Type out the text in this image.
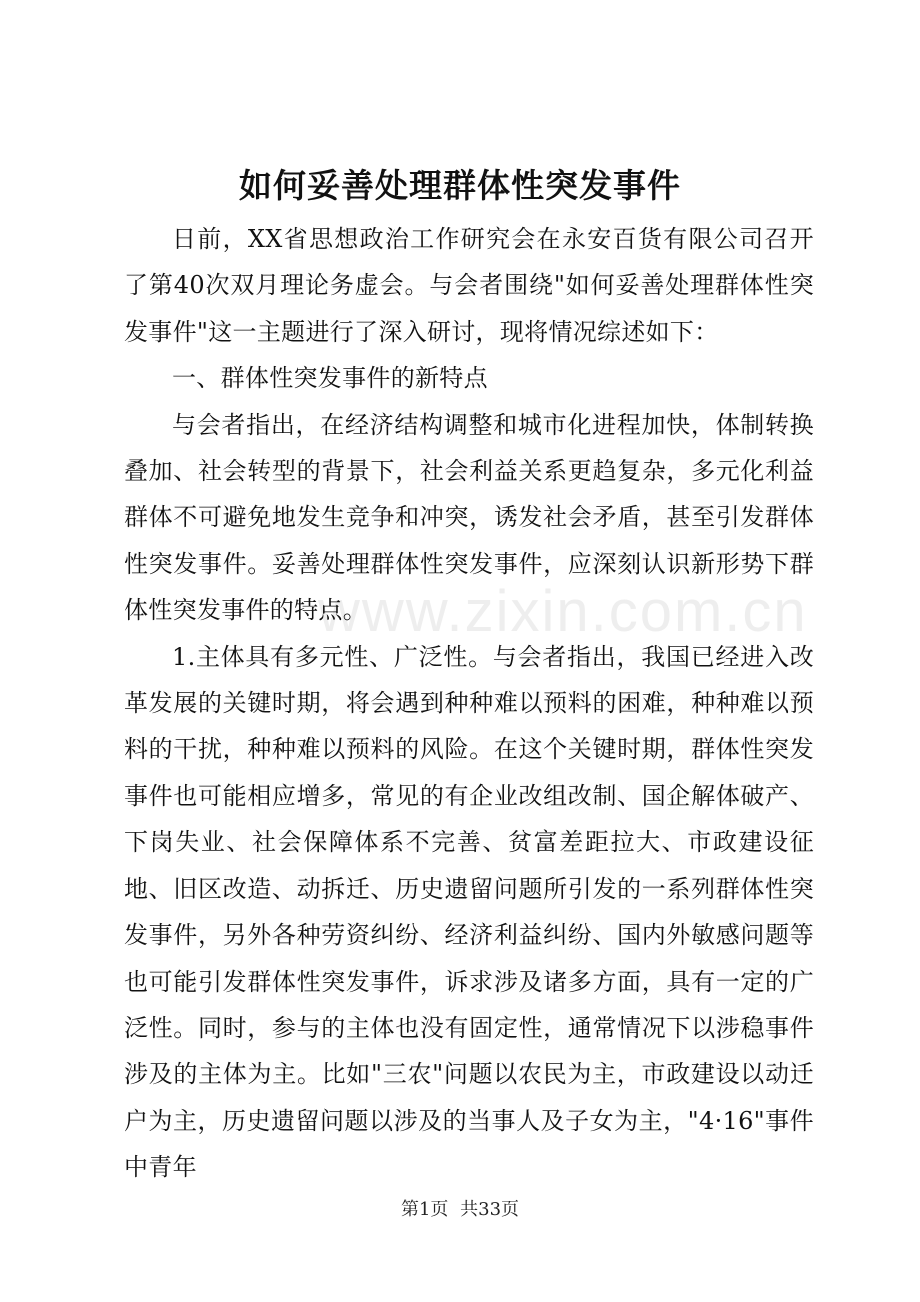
www.zixin.com.cn
如何妥善处理群体性突发事件

日前，XX省思想政治工作研究会在永安百货有限公司召开了第40次双月理论务虚会。与会者围绕"如何妥善处理群体性突发事件"这一主题进行了深入研讨，现将情况综述如下：

一、群体性突发事件的新特点

与会者指出，在经济结构调整和城市化进程加快，体制转换叠加、社会转型的背景下，社会利益关系更趋复杂，多元化利益群体不可避免地发生竞争和冲突，诱发社会矛盾，甚至引发群体性突发事件。妥善处理群体性突发事件，应深刻认识新形势下群体性突发事件的特点。

1.主体具有多元性、广泛性。与会者指出，我国已经进入改革发展的关键时期，将会遇到种种难以预料的困难，种种难以预料的干扰，种种难以预料的风险。在这个关键时期，群体性突发事件也可能相应增多，常见的有企业改组改制、国企解体破产、下岗失业、社会保障体系不完善、贫富差距拉大、市政建设征地、旧区改造、动拆迁、历史遗留问题所引发的一系列群体性突发事件，另外各种劳资纠纷、经济利益纠纷、国内外敏感问题等也可能引发群体性突发事件，诉求涉及诸多方面，具有一定的广泛性。同时，参与的主体也没有固定性，通常情况下以涉稳事件涉及的主体为主。比如"三农"问题以农民为主，市政建设以动迁户为主，历史遗留问题以涉及的当事人及子女为主，"4·16"事件中青年

第1页 共33页
